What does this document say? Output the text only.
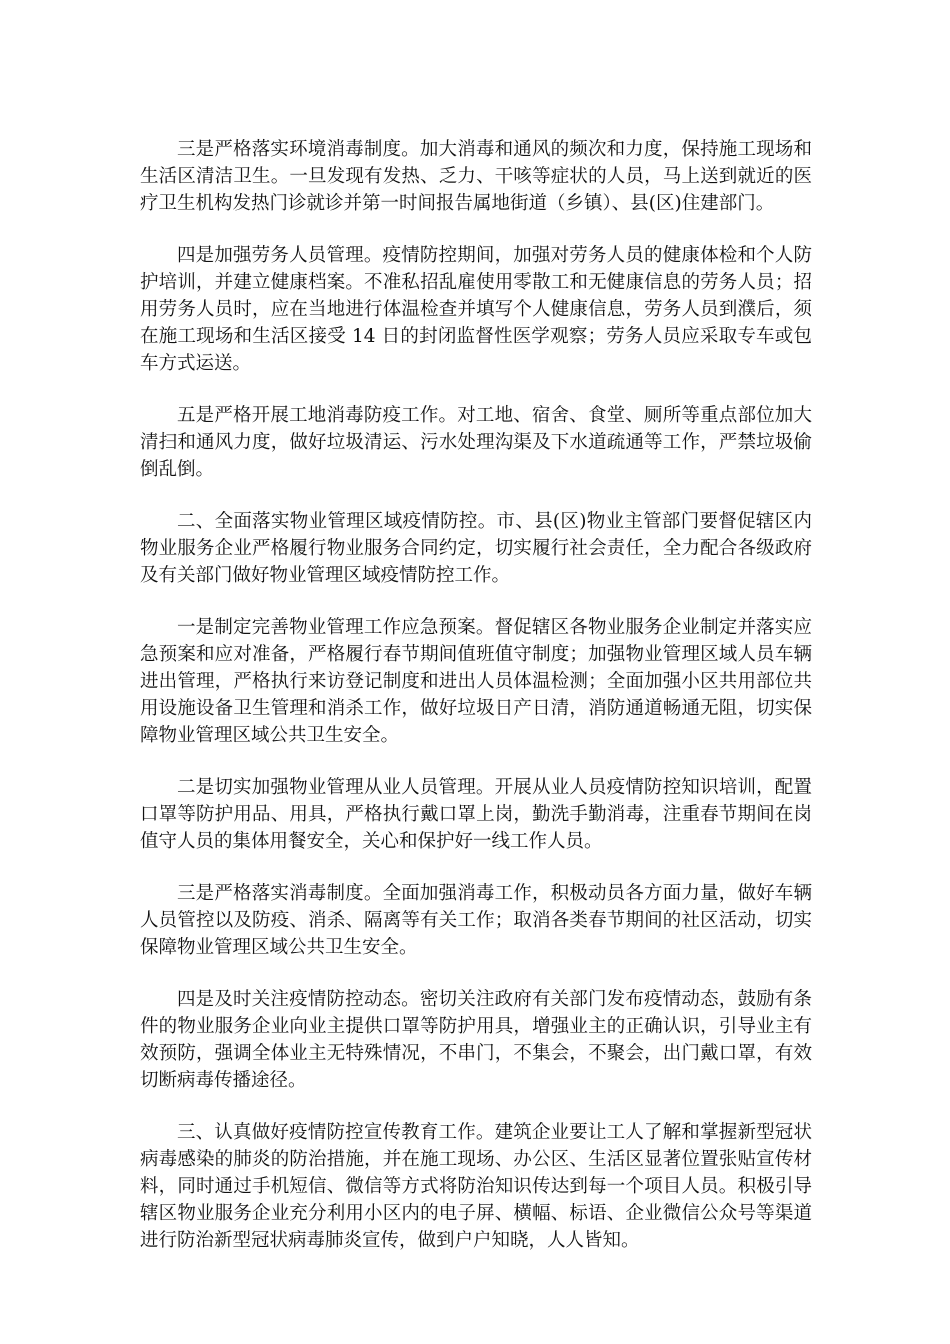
三是严格落实环境消毒制度。加大消毒和通风的频次和力度，保持施工现场和生活区清洁卫生。一旦发现有发热、乏力、干咳等症状的人员，马上送到就近的医疗卫生机构发热门诊就诊并第一时间报告属地街道（乡镇）、县(区)住建部门。

四是加强劳务人员管理。疫情防控期间，加强对劳务人员的健康体检和个人防护培训，并建立健康档案。不准私招乱雇使用零散工和无健康信息的劳务人员；招用劳务人员时，应在当地进行体温检查并填写个人健康信息，劳务人员到濮后，须在施工现场和生活区接受 14 日的封闭监督性医学观察；劳务人员应采取专车或包车方式运送。

五是严格开展工地消毒防疫工作。对工地、宿舍、食堂、厕所等重点部位加大清扫和通风力度，做好垃圾清运、污水处理沟渠及下水道疏通等工作，严禁垃圾偷倒乱倒。

二、全面落实物业管理区域疫情防控。市、县(区)物业主管部门要督促辖区内物业服务企业严格履行物业服务合同约定，切实履行社会责任，全力配合各级政府及有关部门做好物业管理区域疫情防控工作。

一是制定完善物业管理工作应急预案。督促辖区各物业服务企业制定并落实应急预案和应对准备，严格履行春节期间值班值守制度；加强物业管理区域人员车辆进出管理，严格执行来访登记制度和进出人员体温检测；全面加强小区共用部位共用设施设备卫生管理和消杀工作，做好垃圾日产日清，消防通道畅通无阻，切实保障物业管理区域公共卫生安全。

二是切实加强物业管理从业人员管理。开展从业人员疫情防控知识培训，配置口罩等防护用品、用具，严格执行戴口罩上岗，勤洗手勤消毒，注重春节期间在岗值守人员的集体用餐安全，关心和保护好一线工作人员。

三是严格落实消毒制度。全面加强消毒工作，积极动员各方面力量，做好车辆人员管控以及防疫、消杀、隔离等有关工作；取消各类春节期间的社区活动，切实保障物业管理区域公共卫生安全。

四是及时关注疫情防控动态。密切关注政府有关部门发布疫情动态，鼓励有条件的物业服务企业向业主提供口罩等防护用具，增强业主的正确认识，引导业主有效预防，强调全体业主无特殊情况，不串门，不集会，不聚会，出门戴口罩，有效切断病毒传播途径。

三、认真做好疫情防控宣传教育工作。建筑企业要让工人了解和掌握新型冠状病毒感染的肺炎的防治措施，并在施工现场、办公区、生活区显著位置张贴宣传材料，同时通过手机短信、微信等方式将防治知识传达到每一个项目人员。积极引导辖区物业服务企业充分利用小区内的电子屏、横幅、标语、企业微信公众号等渠道进行防治新型冠状病毒肺炎宣传，做到户户知晓，人人皆知。
